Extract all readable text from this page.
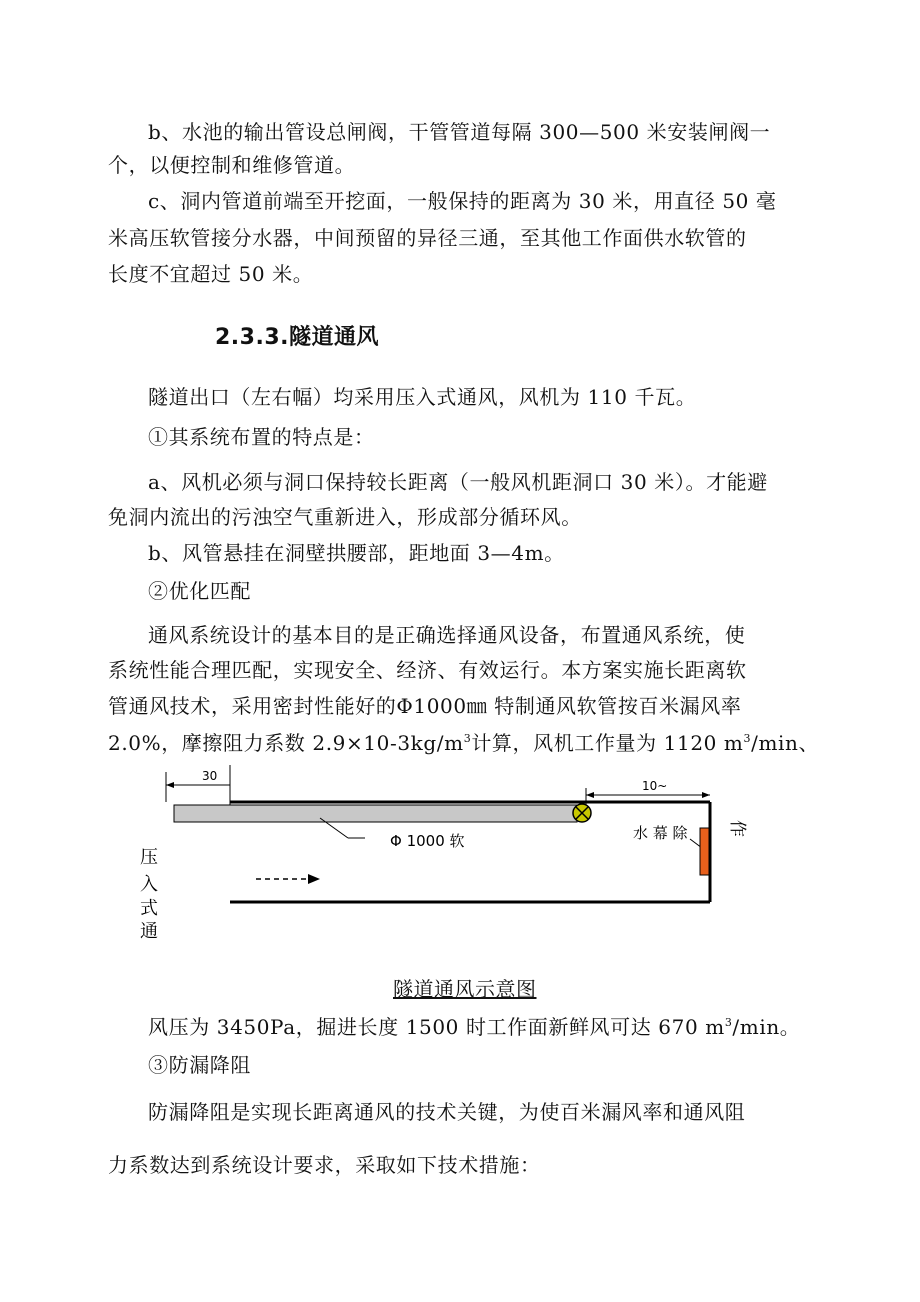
b、水池的输出管设总闸阀，干管管道每隔 300—500 米安装闸阀一
个，以便控制和维修管道。
c、洞内管道前端至开挖面，一般保持的距离为 30 米，用直径 50 毫
米高压软管接分水器，中间预留的异径三通，至其他工作面供水软管的
长度不宜超过 50 米。
2.3.3.隧道通风
隧道出口（左右幅）均采用压入式通风，风机为 110 千瓦。
①其系统布置的特点是：
a、风机必须与洞口保持较长距离（一般风机距洞口 30 米）。才能避
免洞内流出的污浊空气重新进入，形成部分循环风。
b、风管悬挂在洞壁拱腰部，距地面 3—4m。
②优化匹配
通风系统设计的基本目的是正确选择通风设备，布置通风系统，使
系统性能合理匹配，实现安全、经济、有效运行。本方案实施长距离软
管通风技术，采用密封性能好的Φ1000㎜ 特制通风软管按百米漏风率
2.0%，摩擦阻力系数 $2.9\times 10-3kg/m^3$计算，风机工作量为 1120 $m^3/\min$、
30
10~
Φ 1000 软	水 幕 除 作
压
入
式
通
隧道通风示意图
风压为 3450Pa，掘进长度 1500 时工作面新鲜风可达 670 $m^3/\min$。
③防漏降阻
防漏降阻是实现长距离通风的技术关键，为使百米漏风率和通风阻
力系数达到系统设计要求，采取如下技术措施：
